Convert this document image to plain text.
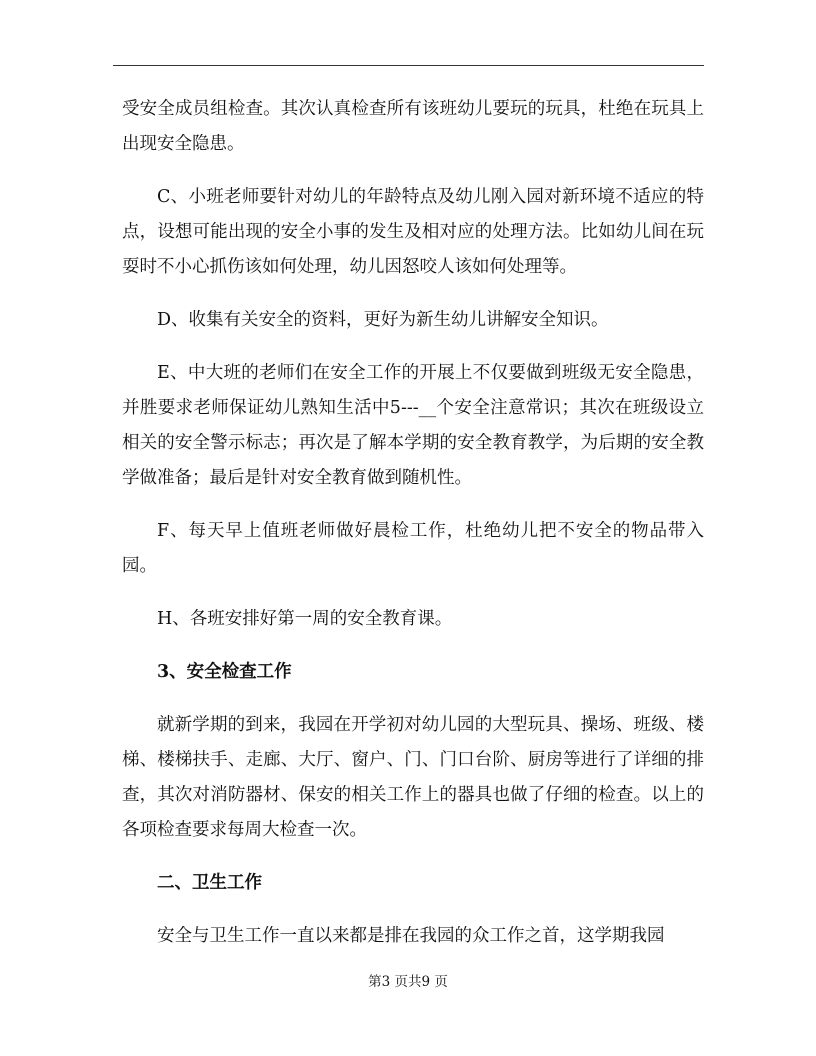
受安全成员组检查。其次认真检查所有该班幼儿要玩的玩具，杜绝在玩具上出现安全隐患。

C、小班老师要针对幼儿的年龄特点及幼儿刚入园对新环境不适应的特点，设想可能出现的安全小事的发生及相对应的处理方法。比如幼儿间在玩耍时不小心抓伤该如何处理，幼儿因怒咬人该如何处理等。

D、收集有关安全的资料，更好为新生幼儿讲解安全知识。

E、中大班的老师们在安全工作的开展上不仅要做到班级无安全隐患，并胜要求老师保证幼儿熟知生活中5---__个安全注意常识；其次在班级设立相关的安全警示标志；再次是了解本学期的安全教育教学，为后期的安全教学做准备；最后是针对安全教育做到随机性。

F、每天早上值班老师做好晨检工作，杜绝幼儿把不安全的物品带入园。

H、各班安排好第一周的安全教育课。

3、安全检查工作

就新学期的到来，我园在开学初对幼儿园的大型玩具、操场、班级、楼梯、楼梯扶手、走廊、大厅、窗户、门、门口台阶、厨房等进行了详细的排查，其次对消防器材、保安的相关工作上的器具也做了仔细的检查。以上的各项检查要求每周大检查一次。

二、卫生工作

安全与卫生工作一直以来都是排在我园的众工作之首，这学期我园

第3 页共9 页
